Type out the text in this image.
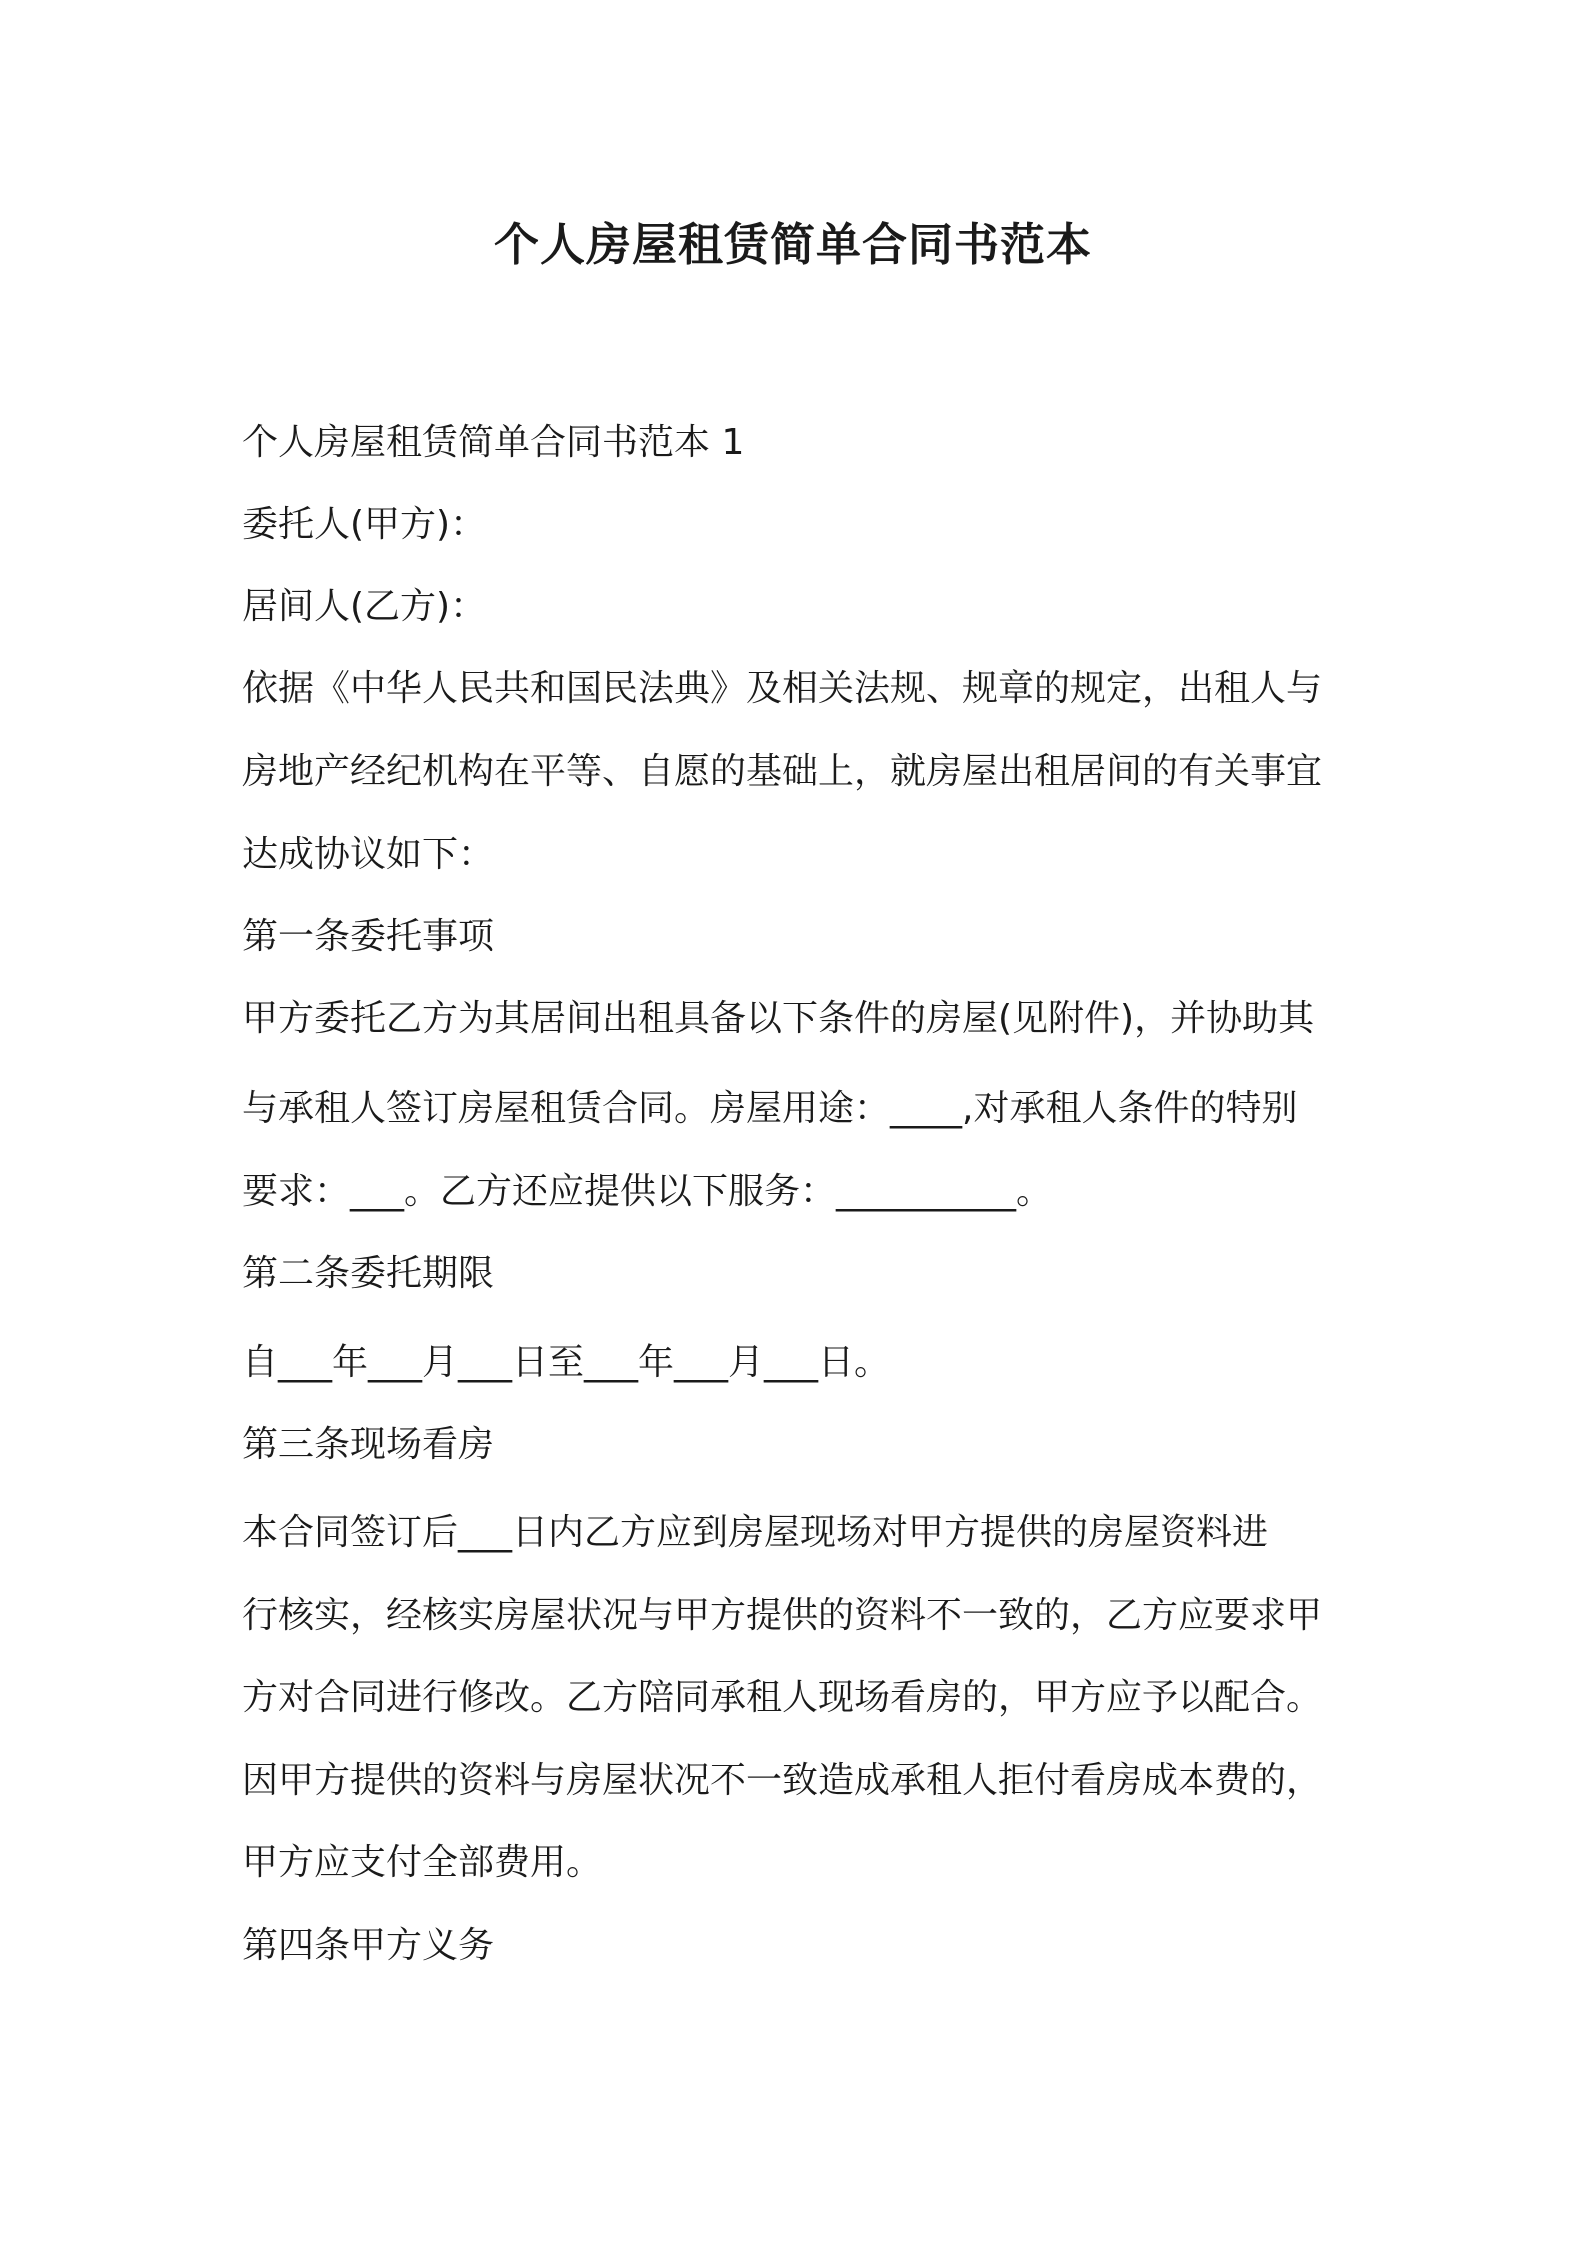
个人房屋租赁简单合同书范本
个人房屋租赁简单合同书范本 1
委托人(甲方)：
居间人(乙方)：
依据《中华人民共和国民法典》及相关法规、规章的规定，出租人与
房地产经纪机构在平等、自愿的基础上，就房屋出租居间的有关事宜
达成协议如下：
第一条委托事项
甲方委托乙方为其居间出租具备以下条件的房屋(见附件)，并协助其
与承租人签订房屋租赁合同。房屋用途：____,对承租人条件的特别
要求：___。乙方还应提供以下服务：__________。
第二条委托期限
自___年___月___日至___年___月___日。
第三条现场看房
本合同签订后___日内乙方应到房屋现场对甲方提供的房屋资料进
行核实，经核实房屋状况与甲方提供的资料不一致的，乙方应要求甲
方对合同进行修改。乙方陪同承租人现场看房的，甲方应予以配合。
因甲方提供的资料与房屋状况不一致造成承租人拒付看房成本费的，
甲方应支付全部费用。
第四条甲方义务
